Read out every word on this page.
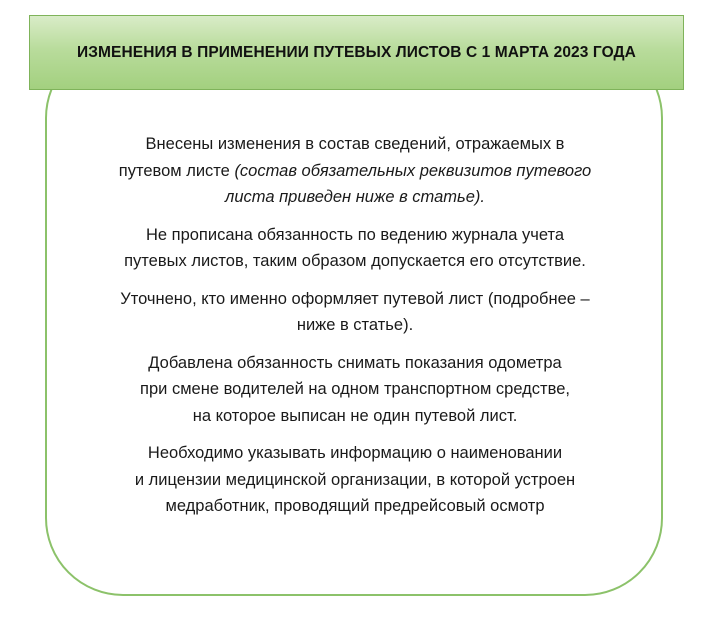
ИЗМЕНЕНИЯ В ПРИМЕНЕНИИ ПУТЕВЫХ ЛИСТОВ С 1 МАРТА 2023 ГОДА

Внесены изменения в состав сведений, отражаемых в
путевом листе (состав обязательных реквизитов путевого
листа приведен ниже в статье).

Не прописана обязанность по ведению журнала учета
путевых листов, таким образом допускается его отсутствие.

Уточнено, кто именно оформляет путевой лист (подробнее –
ниже в статье).

Добавлена обязанность снимать показания одометра
при смене водителей на одном транспортном средстве,
на которое выписан не один путевой лист.

Необходимо указывать информацию о наименовании
и лицензии медицинской организации, в которой устроен
медработник, проводящий предрейсовый осмотр
